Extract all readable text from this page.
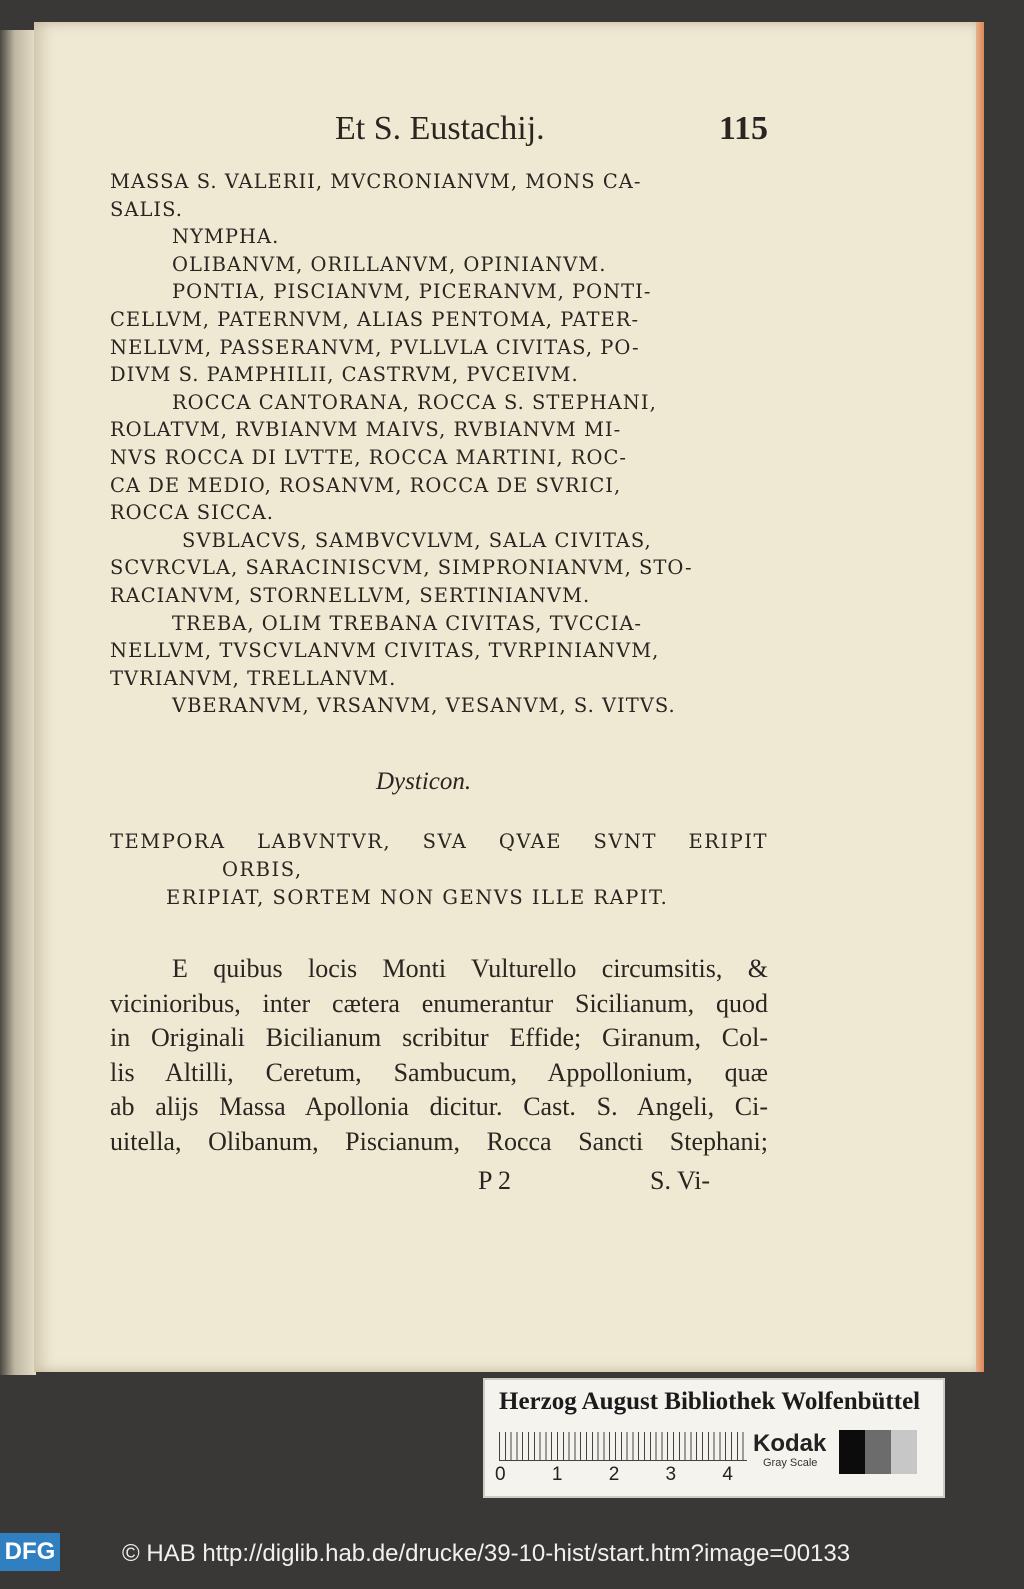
Et S. Eustachij.	115

MASSA S. VALERII, MVCRONIANVM, MONS CA-

SALIS.

NYMPHA.

OLIBANVM, ORILLANVM, OPINIANVM.

PONTIA, PISCIANVM, PICERANVM, PONTI-

CELLVM, PATERNVM, ALIAS PENTOMA, PATER-

NELLVM, PASSERANVM, PVLLVLA CIVITAS, PO-

DIVM S. PAMPHILII, CASTRVM, PVCEIVM.

ROCCA CANTORANA, ROCCA S. STEPHANI,

ROLATVM, RVBIANVM MAIVS, RVBIANVM MI-

NVS ROCCA DI LVTTE, ROCCA MARTINI, ROC-

CA DE MEDIO, ROSANVM, ROCCA DE SVRICI,

ROCCA SICCA.

SVBLACVS, SAMBVCVLVM, SALA CIVITAS,

SCVRCVLA, SARACINISCVM, SIMPRONIANVM, STO-

RACIANVM, STORNELLVM, SERTINIANVM.

TREBA, OLIM TREBANA CIVITAS, TVCCIA-

NELLVM, TVSCVLANVM CIVITAS, TVRPINIANVM,

TVRIANVM, TRELLANVM.

VBERANVM, VRSANVM, VESANVM, S. VITVS.

Dysticon.

TEMPORA LABVNTVR, SVA QVAE SVNT ERIPIT

ORBIS,

ERIPIAT, SORTEM NON GENVS ILLE RAPIT.

E quibus locis Monti Vulturello circumsitis, &

vicinioribus, inter cætera enumerantur Sicilianum, quod

in Originali Bicilianum scribitur Effide; Giranum, Col-

lis Altilli, Ceretum, Sambucum, Appollonium, quæ

ab alijs Massa Apollonia dicitur. Cast. S. Angeli, Ci-

uitella, Olibanum, Piscianum, Rocca Sancti Stephani;

P 2	S. Vi-
Herzog August Bibliothek Wolfenbüttel
0 1 2 3 4
Kodak
Gray Scale
DFG	© HAB http://diglib.hab.de/drucke/39-10-hist/start.htm?image=00133
